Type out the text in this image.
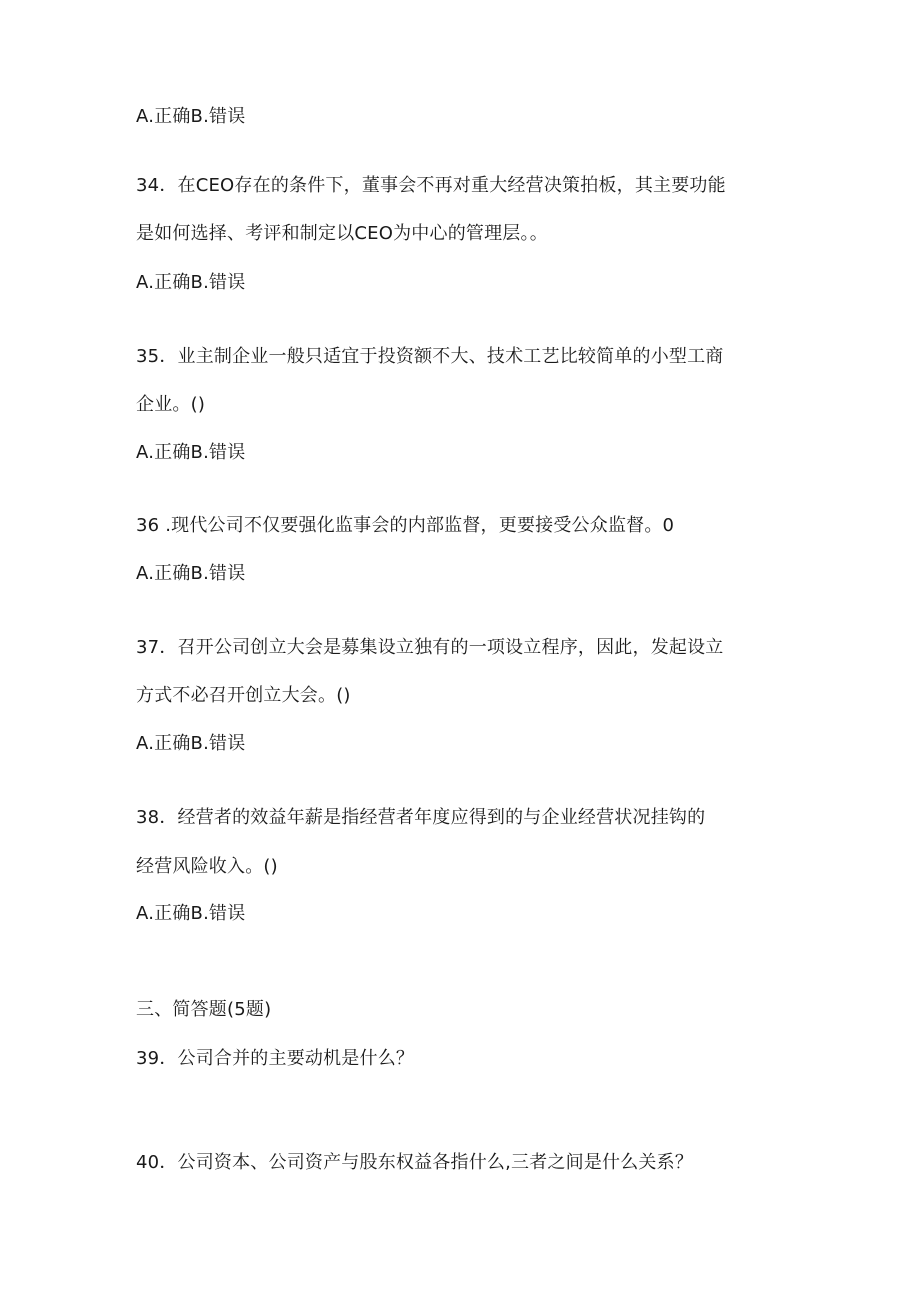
A.正确B.错误
34．在CEO存在的条件下，董事会不再对重大经营决策拍板，其主要功能
是如何选择、考评和制定以CEO为中心的管理层。。
A.正确B.错误
35．业主制企业一般只适宜于投资额不大、技术工艺比较简单的小型工商
企业。()
A.正确B.错误
36 .现代公司不仅要强化监事会的内部监督，更要接受公众监督。0
A.正确B.错误
37．召开公司创立大会是募集设立独有的一项设立程序，因此，发起设立
方式不必召开创立大会。()
A.正确B.错误
38．经营者的效益年薪是指经营者年度应得到的与企业经营状况挂钩的
经营风险收入。()
A.正确B.错误
三、简答题(5题)
39．公司合并的主要动机是什么？
40．公司资本、公司资产与股东权益各指什么,三者之间是什么关系？
